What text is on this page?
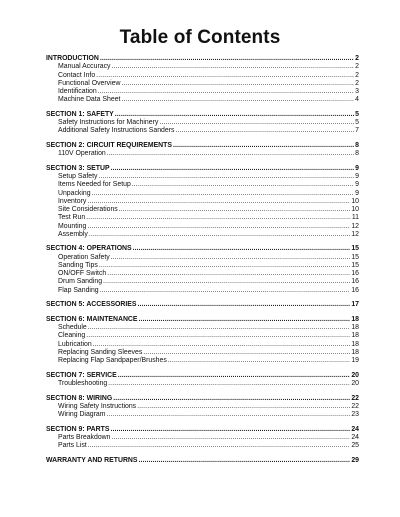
Table of Contents
INTRODUCTION .....	2
Manual Accuracy .....	2
Contact Info .....	2
Functional Overview .....	2
Identification .....	3
Machine Data Sheet .....	4
SECTION 1: SAFETY .....	5
Safety Instructions for Machinery .....	5
Additional Safety Instructions Sanders .....	7
SECTION 2: CIRCUIT REQUIREMENTS .....	8
110V Operation .....	8
SECTION 3: SETUP .....	9
Setup Safety .....	9
Items Needed for Setup .....	9
Unpacking .....	9
Inventory .....	10
Site Considerations .....	10
Test Run .....	11
Mounting .....	12
Assembly .....	12
SECTION 4: OPERATIONS .....	15
Operation Safety .....	15
Sanding Tips .....	15
ON/OFF Switch .....	16
Drum Sanding .....	16
Flap Sanding .....	16
SECTION 5: ACCESSORIES .....	17
SECTION 6: MAINTENANCE .....	18
Schedule .....	18
Cleaning .....	18
Lubrication .....	18
Replacing Sanding Sleeves .....	18
Replacing Flap Sandpaper/Brushes .....	19
SECTION 7: SERVICE .....	20
Troubleshooting .....	20
SECTION 8: WIRING .....	22
Wiring Safety Instructions .....	22
Wiring Diagram .....	23
SECTION 9: PARTS .....	24
Parts Breakdown .....	24
Parts List .....	25
WARRANTY AND RETURNS .....	29
